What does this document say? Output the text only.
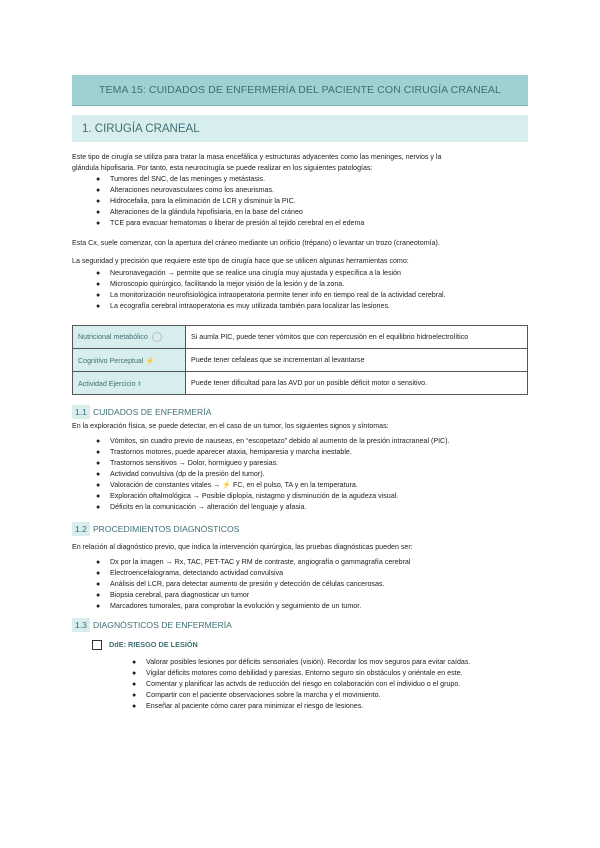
TEMA 15: CUIDADOS DE ENFERMERÍA DEL PACIENTE CON CIRUGÍA CRANEAL
1. CIRUGÍA CRANEAL
Este tipo de cirugía se utiliza para tratar la masa encefálica y estructuras adyacentes como las meninges, nervios y la
glándula hipofisaria. Por tanto, esta neurocirugía se puede realizar en los siguientes patologías:
● Tumores del SNC, de las meninges y metástasis.
● Alteraciones neurovasculares como los aneurismas.
● Hidrocefalia, para la eliminación de LCR y disminuir la PIC.
● Alteraciones de la glándula hipofisiaria, en la base del cráneo
● TCE para evacuar hematomas o liberar de presión al tejido cerebral en el edema
Esta Cx, suele comenzar, con la apertura del cráneo mediante un orificio (trépano) o levantar un trozo (craneotomía).
La seguridad y precisión que requiere este tipo de cirugía hace que se utilicen algunas herramientas como:
● Neuronavegación → permite que se realice una cirugía muy ajustada y específica a la lesión
● Microscopio quirúrgico, facilitando la mejor visión de la lesión y de la zona.
● La monitorización neurofisiológica intraoperatoria permite tener info en tiempo real de la actividad cerebral.
● La ecografía cerebral intraoperatoria es muy utilizada también para localizar las lesiones.
Nutricional metabólico	Si aumla PIC, puede tener vómitos que con repercusión en el equilibrio hidroelectrolítico
Cognitivo Perceptual ⚡	Puede tener cefaleas que se incrementan al levantarse
Actividad Ejercicio ⚕	Puede tener dificultad para las AVD por un posible déficit motor o sensitivo.
1.1 CUIDADOS DE ENFERMERÍA
En la exploración física, se puede detectar, en el caso de un tumor, los siguientes signos y síntomas:
● Vómitos, sin cuadro previo de nauseas, en “escopetazo” debido al aumento de la presión intracraneal (PIC).
● Trastornos motores, puede aparecer ataxia, hemiparesia y marcha inestable.
● Trastornos sensitivos → Dolor, hormigueo y paresias.
● Actividad convulsiva (dp de la presión del tumor).
● Valoración de constantes vitales → ⚡ FC, en el pulso, TA y en la temperatura.
● Exploración oftalmológica → Posible diplopía, nistagmo y disminución de la agudeza visual.
● Déficits en la comunicación → alteración del lenguaje y afasia.
1.2 PROCEDIMIENTOS DIAGNÓSTICOS
En relación al diagnóstico previo, que indica la intervención quirúrgica, las pruebas diagnósticas pueden ser:
● Dx por la imagen → Rx, TAC, PET-TAC y RM de contraste, angiografía o gammagrafía cerebral
● Electroencefalograma, detectando actividad convulsiva
● Análisis del LCR, para detectar aumento de presión y detección de células cancerosas.
● Biopsia cerebral, para diagnosticar un tumor
● Marcadores tumorales, para comprobar la evolución y seguimiento de un tumor.
1.3 DIAGNÓSTICOS DE ENFERMERÍA
DdE: RIESGO DE LESIÓN
● Valorar posibles lesiones por déficits sensoriales (visión). Recordar los mov seguros para evitar caídas.
● Vigilar déficits motores como debilidad y paresias. Entorno seguro sin obstáculos y oriéntale en este.
● Comentar y planificar las actvds de reducción del riesgo en colaboración con el individuo o el grupo.
● Compartir con el paciente observaciones sobre la marcha y el movimiento.
● Enseñar al paciente cómo carer para minimizar el riesgo de lesiones.
